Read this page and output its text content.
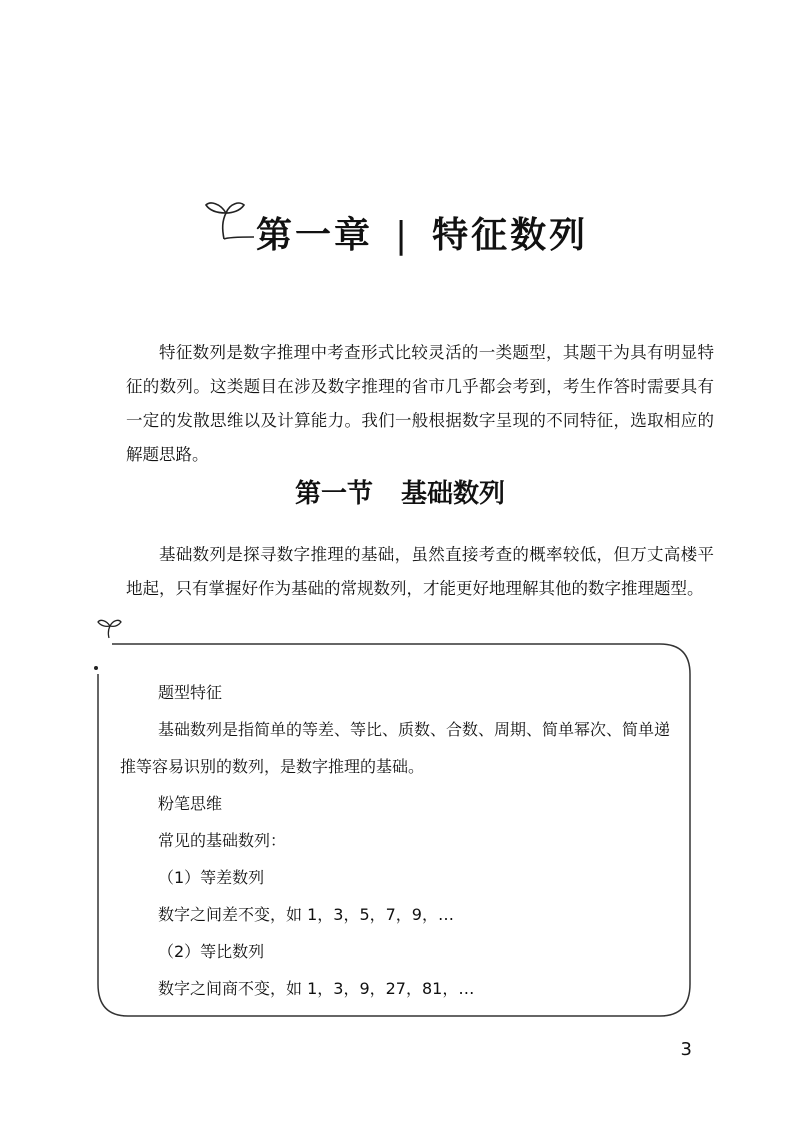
第一章 | 特征数列

特征数列是数字推理中考查形式比较灵活的一类题型，其题干为具有明显特征的数列。这类题目在涉及数字推理的省市几乎都会考到，考生作答时需要具有一定的发散思维以及计算能力。我们一般根据数字呈现的不同特征，选取相应的解题思路。

第一节 基础数列

基础数列是探寻数字推理的基础，虽然直接考查的概率较低，但万丈高楼平地起，只有掌握好作为基础的常规数列，才能更好地理解其他的数字推理题型。

题型特征

基础数列是指简单的等差、等比、质数、合数、周期、简单幂次、简单递推等容易识别的数列，是数字推理的基础。

粉笔思维

常见的基础数列：

（1）等差数列

数字之间差不变，如 1，3，5，7，9，…

（2）等比数列

数字之间商不变，如 1，3，9，27，81，…

3
